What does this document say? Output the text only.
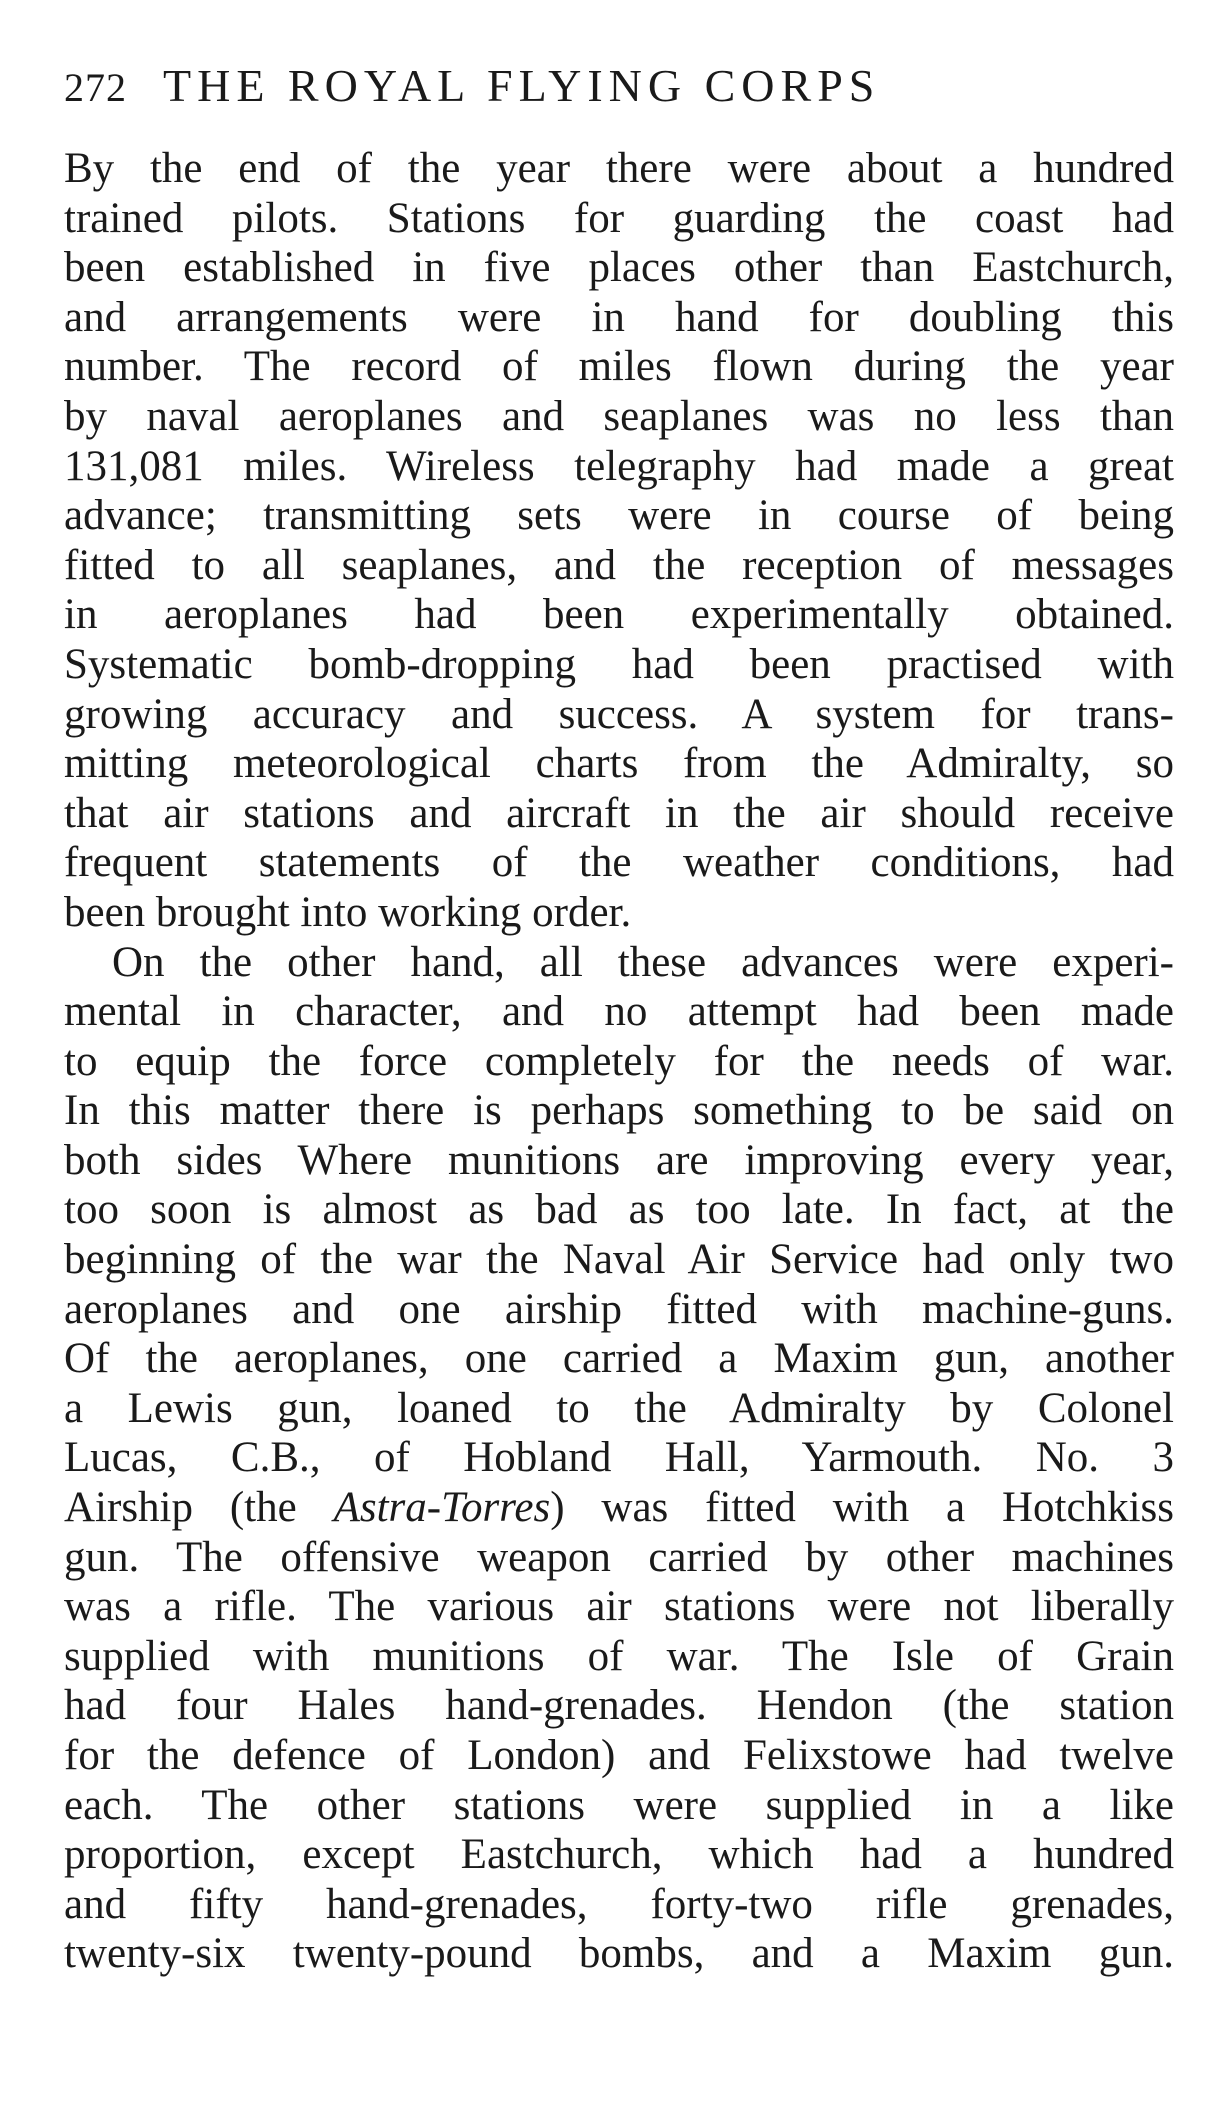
272 THE ROYAL FLYING CORPS
By the end of the year there were about a hundred
trained pilots. Stations for guarding the coast had
been established in five places other than Eastchurch,
and arrangements were in hand for doubling this
number. The record of miles flown during the year
by naval aeroplanes and seaplanes was no less than
131,081 miles. Wireless telegraphy had made a great
advance; transmitting sets were in course of being
fitted to all seaplanes, and the reception of messages
in aeroplanes had been experimentally obtained.
Systematic bomb-dropping had been practised with
growing accuracy and success. A system for trans-
mitting meteorological charts from the Admiralty, so
that air stations and aircraft in the air should receive
frequent statements of the weather conditions, had
been brought into working order.
On the other hand, all these advances were experi-
mental in character, and no attempt had been made
to equip the force completely for the needs of war.
In this matter there is perhaps something to be said on
both sides Where munitions are improving every year,
too soon is almost as bad as too late. In fact, at the
beginning of the war the Naval Air Service had only two
aeroplanes and one airship fitted with machine-guns.
Of the aeroplanes, one carried a Maxim gun, another
a Lewis gun, loaned to the Admiralty by Colonel
Lucas, C.B., of Hobland Hall, Yarmouth. No. 3
Airship (the Astra-Torres) was fitted with a Hotchkiss
gun. The offensive weapon carried by other machines
was a rifle. The various air stations were not liberally
supplied with munitions of war. The Isle of Grain
had four Hales hand-grenades. Hendon (the station
for the defence of London) and Felixstowe had twelve
each. The other stations were supplied in a like
proportion, except Eastchurch, which had a hundred
and fifty hand-grenades, forty-two rifle grenades,
twenty-six twenty-pound bombs, and a Maxim gun.
